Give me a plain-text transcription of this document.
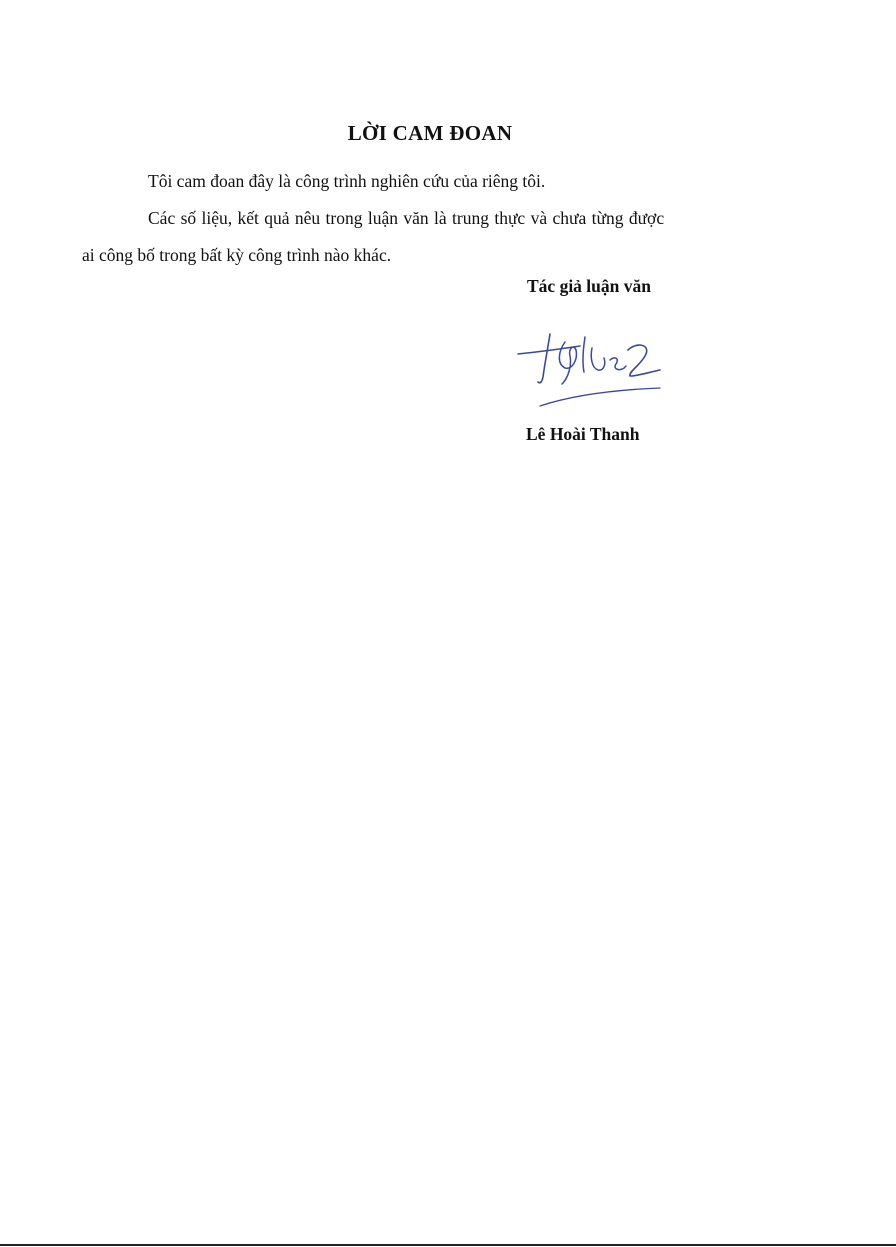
LỜI CAM ĐOAN
Tôi cam đoan đây là công trình nghiên cứu của riêng tôi.
Các số liệu, kết quả nêu trong luận văn là trung thực và chưa từng được
ai công bố trong bất kỳ công trình nào khác.
Tác giả luận văn
Lê Hoài Thanh
